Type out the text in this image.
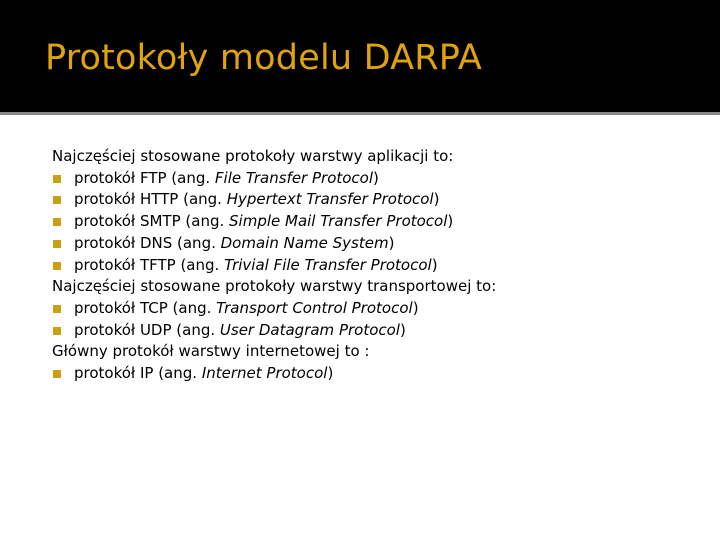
Protokoły modelu DARPA
Najczęściej stosowane protokoły warstwy aplikacji to:
protokół FTP (ang. File Transfer Protocol)
protokół HTTP (ang. Hypertext Transfer Protocol)
protokół SMTP (ang. Simple Mail Transfer Protocol)
protokół DNS (ang. Domain Name System)
protokół TFTP (ang. Trivial File Transfer Protocol)
Najczęściej stosowane protokoły warstwy transportowej to:
protokół TCP (ang. Transport Control Protocol)
protokół UDP (ang. User Datagram Protocol)
Główny protokół warstwy internetowej to :
protokół IP (ang. Internet Protocol)
